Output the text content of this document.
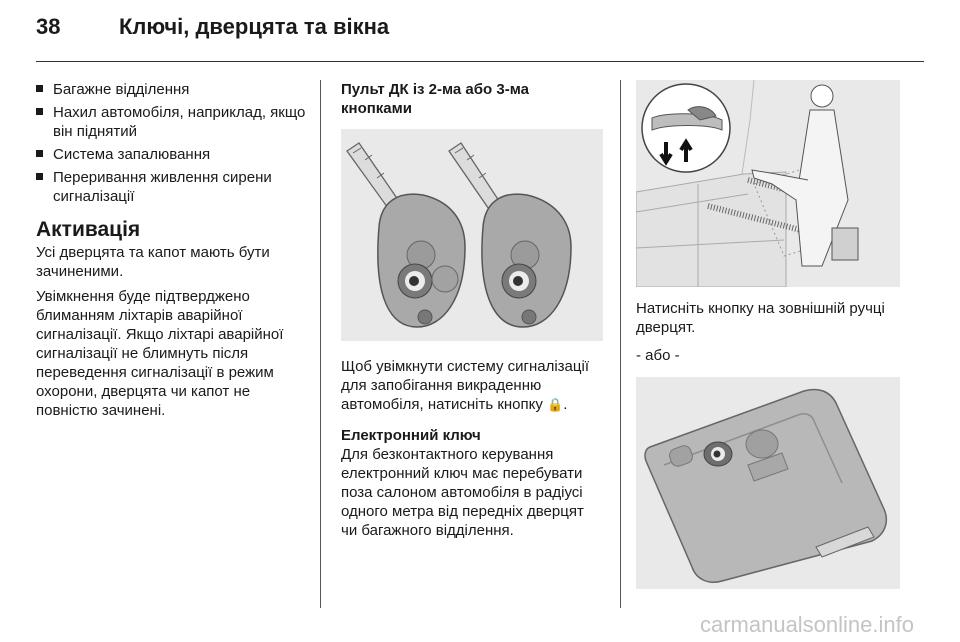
38	Ключі, дверцята та вікна
Багажне відділення
Нахил автомобіля, наприклад, якщо він піднятий
Система запалювання
Переривання живлення сирени сигналізації
Активація

Усі дверцята та капот мають бути зачиненими.

Увімкнення буде підтверджено блиманням ліхтарів аварійної сигналізації. Якщо ліхтарі аварійної сигналізації не блимнуть після переведення сигналізації в режим охорони, дверцята чи капот не повністю зачинені.

Пульт ДК із 2-ма або 3-ма кнопками

Щоб увімкнути систему сигналізації для запобігання викраденню автомобіля, натисніть кнопку 🔒.

Електронний ключ

Для безконтактного керування електронний ключ має перебувати поза салоном автомобіля в радіусі одного метра від передніх дверцят чи багажного відділення.

Натисніть кнопку на зовнішній ручці дверцят.

- або -

carmanualsonline.info
